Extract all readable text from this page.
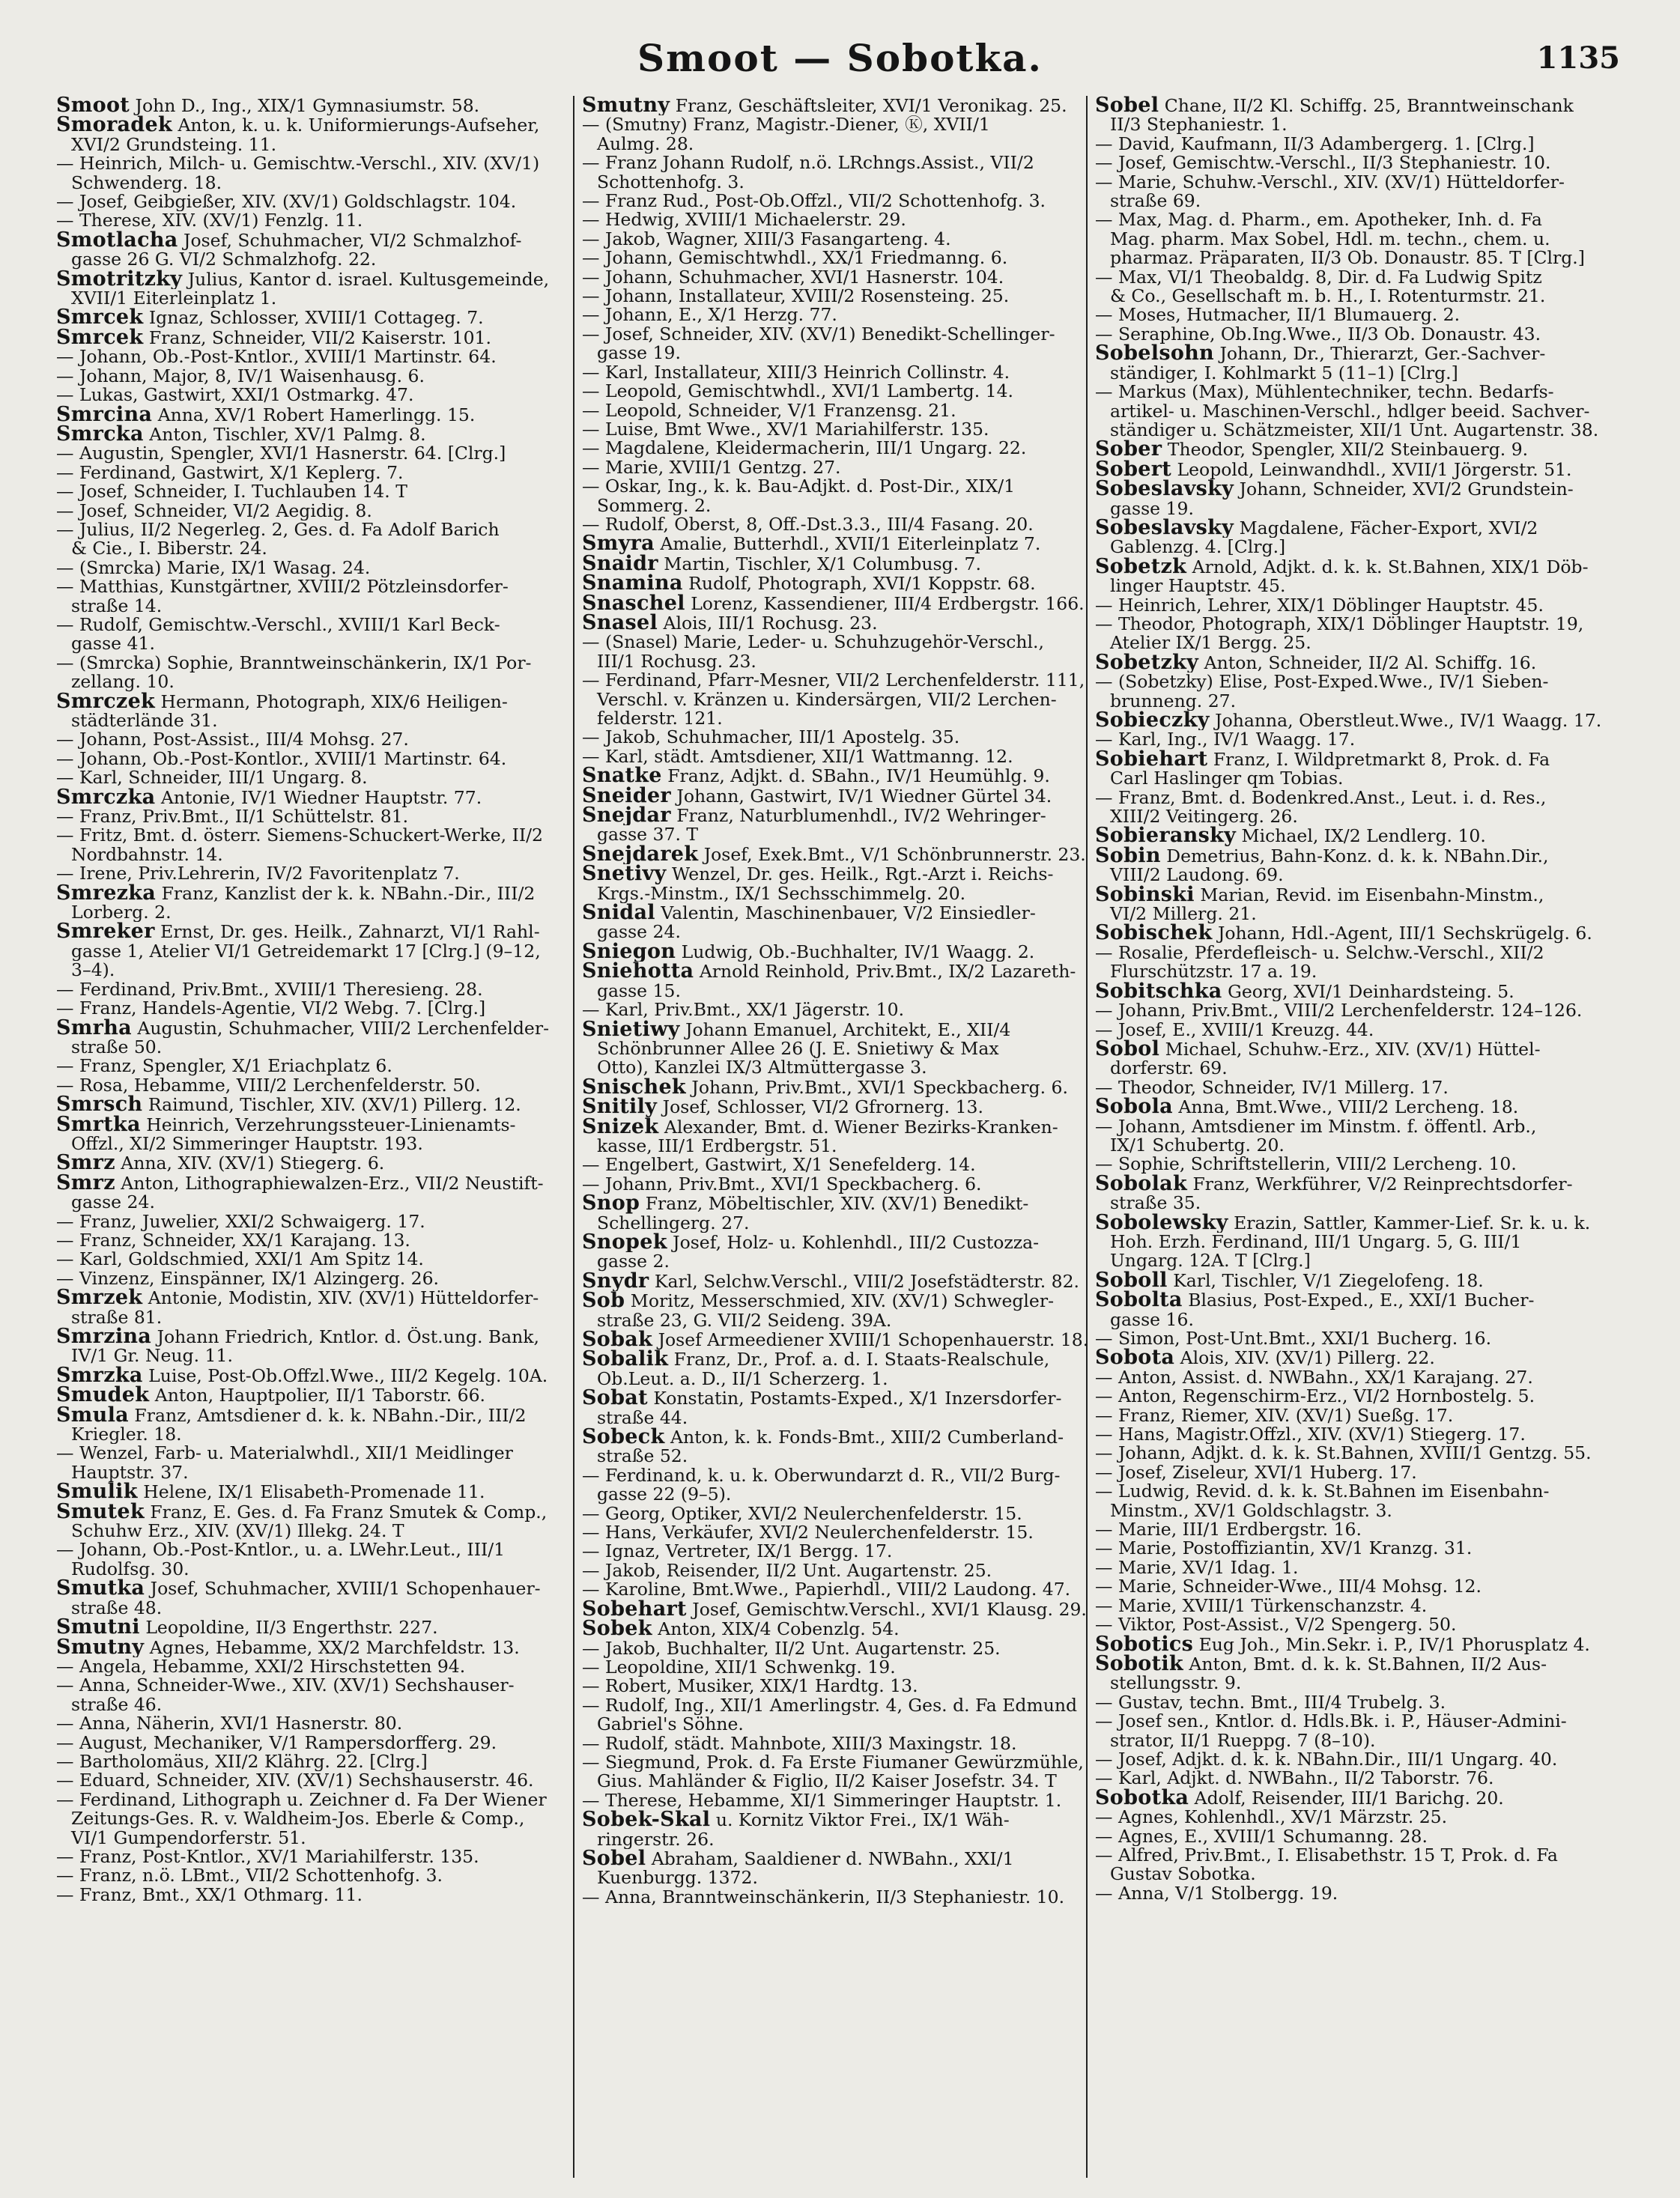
Smoot — Sobotka.	1135
Smoot John D., Ing., XIX/1 Gymnasiumstr. 58.
Smoradek Anton, k. u. k. Uniformierungs-Aufseher,
XVI/2 Grundsteing. 11.
— Heinrich, Milch- u. Gemischtw.-Verschl., XIV. (XV/1)
Schwenderg. 18.
— Josef, Geibgießer, XIV. (XV/1) Goldschlagstr. 104.
— Therese, XIV. (XV/1) Fenzlg. 11.
Smotlacha Josef, Schuhmacher, VI/2 Schmalzhof-
gasse 26 G. VI/2 Schmalzhofg. 22.
Smotritzky Julius, Kantor d. israel. Kultusgemeinde,
XVII/1 Eiterleinplatz 1.
Smrcek Ignaz, Schlosser, XVIII/1 Cottageg. 7.
Smrcek Franz, Schneider, VII/2 Kaiserstr. 101.
— Johann, Ob.-Post-Kntlor., XVIII/1 Martinstr. 64.
— Johann, Major, 8, IV/1 Waisenhausg. 6.
— Lukas, Gastwirt, XXI/1 Ostmarkg. 47.
Smrcina Anna, XV/1 Robert Hamerlingg. 15.
Smrcka Anton, Tischler, XV/1 Palmg. 8.
— Augustin, Spengler, XVI/1 Hasnerstr. 64. [Clrg.]
— Ferdinand, Gastwirt, X/1 Keplerg. 7.
— Josef, Schneider, I. Tuchlauben 14. T
— Josef, Schneider, VI/2 Aegidig. 8.
— Julius, II/2 Negerleg. 2, Ges. d. Fa Adolf Barich
& Cie., I. Biberstr. 24.
— (Smrcka) Marie, IX/1 Wasag. 24.
— Matthias, Kunstgärtner, XVIII/2 Pötzleinsdorfer-
straße 14.
— Rudolf, Gemischtw.-Verschl., XVIII/1 Karl Beck-
gasse 41.
— (Smrcka) Sophie, Branntweinschänkerin, IX/1 Por-
zellang. 10.
Smrczek Hermann, Photograph, XIX/6 Heiligen-
städterlände 31.
— Johann, Post-Assist., III/4 Mohsg. 27.
— Johann, Ob.-Post-Kontlor., XVIII/1 Martinstr. 64.
— Karl, Schneider, III/1 Ungarg. 8.
Smrczka Antonie, IV/1 Wiedner Hauptstr. 77.
— Franz, Priv.Bmt., II/1 Schüttelstr. 81.
— Fritz, Bmt. d. österr. Siemens-Schuckert-Werke, II/2
Nordbahnstr. 14.
— Irene, Priv.Lehrerin, IV/2 Favoritenplatz 7.
Smrezka Franz, Kanzlist der k. k. NBahn.-Dir., III/2
Lorberg. 2.
Smreker Ernst, Dr. ges. Heilk., Zahnarzt, VI/1 Rahl-
gasse 1, Atelier VI/1 Getreidemarkt 17 [Clrg.] (9–12,
3–4).
— Ferdinand, Priv.Bmt., XVIII/1 Theresieng. 28.
— Franz, Handels-Agentie, VI/2 Webg. 7. [Clrg.]
Smrha Augustin, Schuhmacher, VIII/2 Lerchenfelder-
straße 50.
— Franz, Spengler, X/1 Eriachplatz 6.
— Rosa, Hebamme, VIII/2 Lerchenfelderstr. 50.
Smrsch Raimund, Tischler, XIV. (XV/1) Pillerg. 12.
Smrtka Heinrich, Verzehrungssteuer-Linienamts-
Offzl., XI/2 Simmeringer Hauptstr. 193.
Smrz Anna, XIV. (XV/1) Stiegerg. 6.
Smrz Anton, Lithographiewalzen-Erz., VII/2 Neustift-
gasse 24.
— Franz, Juwelier, XXI/2 Schwaigerg. 17.
— Franz, Schneider, XX/1 Karajang. 13.
— Karl, Goldschmied, XXI/1 Am Spitz 14.
— Vinzenz, Einspänner, IX/1 Alzingerg. 26.
Smrzek Antonie, Modistin, XIV. (XV/1) Hütteldorfer-
straße 81.
Smrzina Johann Friedrich, Kntlor. d. Öst.ung. Bank,
IV/1 Gr. Neug. 11.
Smrzka Luise, Post-Ob.Offzl.Wwe., III/2 Kegelg. 10A.
Smudek Anton, Hauptpolier, II/1 Taborstr. 66.
Smula Franz, Amtsdiener d. k. k. NBahn.-Dir., III/2
Kriegler. 18.
— Wenzel, Farb- u. Materialwhdl., XII/1 Meidlinger
Hauptstr. 37.
Smulik Helene, IX/1 Elisabeth-Promenade 11.
Smutek Franz, E. Ges. d. Fa Franz Smutek & Comp.,
Schuhw Erz., XIV. (XV/1) Illekg. 24. T
— Johann, Ob.-Post-Kntlor., u. a. LWehr.Leut., III/1
Rudolfsg. 30.
Smutka Josef, Schuhmacher, XVIII/1 Schopenhauer-
straße 48.
Smutni Leopoldine, II/3 Engerthstr. 227.
Smutny Agnes, Hebamme, XX/2 Marchfeldstr. 13.
— Angela, Hebamme, XXI/2 Hirschstetten 94.
— Anna, Schneider-Wwe., XIV. (XV/1) Sechshauser-
straße 46.
— Anna, Näherin, XVI/1 Hasnerstr. 80.
— August, Mechaniker, V/1 Rampersdorfferg. 29.
— Bartholomäus, XII/2 Klährg. 22. [Clrg.]
— Eduard, Schneider, XIV. (XV/1) Sechshauserstr. 46.
— Ferdinand, Lithograph u. Zeichner d. Fa Der Wiener
Zeitungs-Ges. R. v. Waldheim-Jos. Eberle & Comp.,
VI/1 Gumpendorferstr. 51.
— Franz, Post-Kntlor., XV/1 Mariahilferstr. 135.
— Franz, n.ö. LBmt., VII/2 Schottenhofg. 3.
— Franz, Bmt., XX/1 Othmarg. 11.
Smutny Franz, Geschäftsleiter, XVI/1 Veronikag. 25.
— (Smutny) Franz, Magistr.-Diener, Ⓚ, XVII/1
Aulmg. 28.
— Franz Johann Rudolf, n.ö. LRchngs.Assist., VII/2
Schottenhofg. 3.
— Franz Rud., Post-Ob.Offzl., VII/2 Schottenhofg. 3.
— Hedwig, XVIII/1 Michaelerstr. 29.
— Jakob, Wagner, XIII/3 Fasangarteng. 4.
— Johann, Gemischtwhdl., XX/1 Friedmanng. 6.
— Johann, Schuhmacher, XVI/1 Hasnerstr. 104.
— Johann, Installateur, XVIII/2 Rosensteing. 25.
— Johann, E., X/1 Herzg. 77.
— Josef, Schneider, XIV. (XV/1) Benedikt-Schellinger-
gasse 19.
— Karl, Installateur, XIII/3 Heinrich Collinstr. 4.
— Leopold, Gemischtwhdl., XVI/1 Lambertg. 14.
— Leopold, Schneider, V/1 Franzensg. 21.
— Luise, Bmt Wwe., XV/1 Mariahilferstr. 135.
— Magdalene, Kleidermacherin, III/1 Ungarg. 22.
— Marie, XVIII/1 Gentzg. 27.
— Oskar, Ing., k. k. Bau-Adjkt. d. Post-Dir., XIX/1
Sommerg. 2.
— Rudolf, Oberst, 8, Off.-Dst.3.3., III/4 Fasang. 20.
Smyra Amalie, Butterhdl., XVII/1 Eiterleinplatz 7.
Snaidr Martin, Tischler, X/1 Columbusg. 7.
Snamina Rudolf, Photograph, XVI/1 Koppstr. 68.
Snaschel Lorenz, Kassendiener, III/4 Erdbergstr. 166.
Snasel Alois, III/1 Rochusg. 23.
— (Snasel) Marie, Leder- u. Schuhzugehör-Verschl.,
III/1 Rochusg. 23.
— Ferdinand, Pfarr-Mesner, VII/2 Lerchenfelderstr. 111,
Verschl. v. Kränzen u. Kindersärgen, VII/2 Lerchen-
felderstr. 121.
— Jakob, Schuhmacher, III/1 Apostelg. 35.
— Karl, städt. Amtsdiener, XII/1 Wattmanng. 12.
Snatke Franz, Adjkt. d. SBahn., IV/1 Heumühlg. 9.
Sneider Johann, Gastwirt, IV/1 Wiedner Gürtel 34.
Snejdar Franz, Naturblumenhdl., IV/2 Wehringer-
gasse 37. T
Snejdarek Josef, Exek.Bmt., V/1 Schönbrunnerstr. 23.
Snetivy Wenzel, Dr. ges. Heilk., Rgt.-Arzt i. Reichs-
Krgs.-Minstm., IX/1 Sechsschimmelg. 20.
Snidal Valentin, Maschinenbauer, V/2 Einsiedler-
gasse 24.
Sniegon Ludwig, Ob.-Buchhalter, IV/1 Waagg. 2.
Sniehotta Arnold Reinhold, Priv.Bmt., IX/2 Lazareth-
gasse 15.
— Karl, Priv.Bmt., XX/1 Jägerstr. 10.
Snietiwy Johann Emanuel, Architekt, E., XII/4
Schönbrunner Allee 26 (J. E. Snietiwy & Max
Otto), Kanzlei IX/3 Altmüttergasse 3.
Snischek Johann, Priv.Bmt., XVI/1 Speckbacherg. 6.
Snitily Josef, Schlosser, VI/2 Gfrornerg. 13.
Snizek Alexander, Bmt. d. Wiener Bezirks-Kranken-
kasse, III/1 Erdbergstr. 51.
— Engelbert, Gastwirt, X/1 Senefelderg. 14.
— Johann, Priv.Bmt., XVI/1 Speckbacherg. 6.
Snop Franz, Möbeltischler, XIV. (XV/1) Benedikt-
Schellingerg. 27.
Snopek Josef, Holz- u. Kohlenhdl., III/2 Custozza-
gasse 2.
Snydr Karl, Selchw.Verschl., VIII/2 Josefstädterstr. 82.
Sob Moritz, Messerschmied, XIV. (XV/1) Schwegler-
straße 23, G. VII/2 Seideng. 39A.
Sobak Josef Armeediener XVIII/1 Schopenhauerstr. 18.
Sobalik Franz, Dr., Prof. a. d. I. Staats-Realschule,
Ob.Leut. a. D., II/1 Scherzerg. 1.
Sobat Konstatin, Postamts-Exped., X/1 Inzersdorfer-
straße 44.
Sobeck Anton, k. k. Fonds-Bmt., XIII/2 Cumberland-
straße 52.
— Ferdinand, k. u. k. Oberwundarzt d. R., VII/2 Burg-
gasse 22 (9–5).
— Georg, Optiker, XVI/2 Neulerchenfelderstr. 15.
— Hans, Verkäufer, XVI/2 Neulerchenfelderstr. 15.
— Ignaz, Vertreter, IX/1 Bergg. 17.
— Jakob, Reisender, II/2 Unt. Augartenstr. 25.
— Karoline, Bmt.Wwe., Papierhdl., VIII/2 Laudong. 47.
Sobehart Josef, Gemischtw.Verschl., XVI/1 Klausg. 29.
Sobek Anton, XIX/4 Cobenzlg. 54.
— Jakob, Buchhalter, II/2 Unt. Augartenstr. 25.
— Leopoldine, XII/1 Schwenkg. 19.
— Robert, Musiker, XIX/1 Hardtg. 13.
— Rudolf, Ing., XII/1 Amerlingstr. 4, Ges. d. Fa Edmund
Gabriel's Söhne.
— Rudolf, städt. Mahnbote, XIII/3 Maxingstr. 18.
— Siegmund, Prok. d. Fa Erste Fiumaner Gewürzmühle,
Gius. Mahländer & Figlio, II/2 Kaiser Josefstr. 34. T
— Therese, Hebamme, XI/1 Simmeringer Hauptstr. 1.
Sobek-Skal u. Kornitz Viktor Frei., IX/1 Wäh-
ringerstr. 26.
Sobel Abraham, Saaldiener d. NWBahn., XXI/1
Kuenburgg. 1372.
— Anna, Branntweinschänkerin, II/3 Stephaniestr. 10.
Sobel Chane, II/2 Kl. Schiffg. 25, Branntweinschank
II/3 Stephaniestr. 1.
— David, Kaufmann, II/3 Adambergerg. 1. [Clrg.]
— Josef, Gemischtw.-Verschl., II/3 Stephaniestr. 10.
— Marie, Schuhw.-Verschl., XIV. (XV/1) Hütteldorfer-
straße 69.
— Max, Mag. d. Pharm., em. Apotheker, Inh. d. Fa
Mag. pharm. Max Sobel, Hdl. m. techn., chem. u.
pharmaz. Präparaten, II/3 Ob. Donaustr. 85. T [Clrg.]
— Max, VI/1 Theobaldg. 8, Dir. d. Fa Ludwig Spitz
& Co., Gesellschaft m. b. H., I. Rotenturmstr. 21.
— Moses, Hutmacher, II/1 Blumauerg. 2.
— Seraphine, Ob.Ing.Wwe., II/3 Ob. Donaustr. 43.
Sobelsohn Johann, Dr., Thierarzt, Ger.-Sachver-
ständiger, I. Kohlmarkt 5 (11–1) [Clrg.]
— Markus (Max), Mühlentechniker, techn. Bedarfs-
artikel- u. Maschinen-Verschl., hdlger beeid. Sachver-
ständiger u. Schätzmeister, XII/1 Unt. Augartenstr. 38.
Sober Theodor, Spengler, XII/2 Steinbauerg. 9.
Sobert Leopold, Leinwandhdl., XVII/1 Jörgerstr. 51.
Sobeslavsky Johann, Schneider, XVI/2 Grundstein-
gasse 19.
Sobeslavsky Magdalene, Fächer-Export, XVI/2
Gablenzg. 4. [Clrg.]
Sobetzk Arnold, Adjkt. d. k. k. St.Bahnen, XIX/1 Döb-
linger Hauptstr. 45.
— Heinrich, Lehrer, XIX/1 Döblinger Hauptstr. 45.
— Theodor, Photograph, XIX/1 Döblinger Hauptstr. 19,
Atelier IX/1 Bergg. 25.
Sobetzky Anton, Schneider, II/2 Al. Schiffg. 16.
— (Sobetzky) Elise, Post-Exped.Wwe., IV/1 Sieben-
brunneng. 27.
Sobieczky Johanna, Oberstleut.Wwe., IV/1 Waagg. 17.
— Karl, Ing., IV/1 Waagg. 17.
Sobiehart Franz, I. Wildpretmarkt 8, Prok. d. Fa
Carl Haslinger qm Tobias.
— Franz, Bmt. d. Bodenkred.Anst., Leut. i. d. Res.,
XIII/2 Veitingerg. 26.
Sobieransky Michael, IX/2 Lendlerg. 10.
Sobin Demetrius, Bahn-Konz. d. k. k. NBahn.Dir.,
VIII/2 Laudong. 69.
Sobinski Marian, Revid. im Eisenbahn-Minstm.,
VI/2 Millerg. 21.
Sobischek Johann, Hdl.-Agent, III/1 Sechskrügelg. 6.
— Rosalie, Pferdefleisch- u. Selchw.-Verschl., XII/2
Flurschützstr. 17 a. 19.
Sobitschka Georg, XVI/1 Deinhardsteing. 5.
— Johann, Priv.Bmt., VIII/2 Lerchenfelderstr. 124–126.
— Josef, E., XVIII/1 Kreuzg. 44.
Sobol Michael, Schuhw.-Erz., XIV. (XV/1) Hüttel-
dorferstr. 69.
— Theodor, Schneider, IV/1 Millerg. 17.
Sobola Anna, Bmt.Wwe., VIII/2 Lercheng. 18.
— Johann, Amtsdiener im Minstm. f. öffentl. Arb.,
IX/1 Schubertg. 20.
— Sophie, Schriftstellerin, VIII/2 Lercheng. 10.
Sobolak Franz, Werkführer, V/2 Reinprechtsdorfer-
straße 35.
Sobolewsky Erazin, Sattler, Kammer-Lief. Sr. k. u. k.
Hoh. Erzh. Ferdinand, III/1 Ungarg. 5, G. III/1
Ungarg. 12A. T [Clrg.]
Soboll Karl, Tischler, V/1 Ziegelofeng. 18.
Sobolta Blasius, Post-Exped., E., XXI/1 Bucher-
gasse 16.
— Simon, Post-Unt.Bmt., XXI/1 Bucherg. 16.
Sobota Alois, XIV. (XV/1) Pillerg. 22.
— Anton, Assist. d. NWBahn., XX/1 Karajang. 27.
— Anton, Regenschirm-Erz., VI/2 Hornbostelg. 5.
— Franz, Riemer, XIV. (XV/1) Sueßg. 17.
— Hans, Magistr.Offzl., XIV. (XV/1) Stiegerg. 17.
— Johann, Adjkt. d. k. k. St.Bahnen, XVIII/1 Gentzg. 55.
— Josef, Ziseleur, XVI/1 Huberg. 17.
— Ludwig, Revid. d. k. k. St.Bahnen im Eisenbahn-
Minstm., XV/1 Goldschlagstr. 3.
— Marie, III/1 Erdbergstr. 16.
— Marie, Postoffiziantin, XV/1 Kranzg. 31.
— Marie, XV/1 Idag. 1.
— Marie, Schneider-Wwe., III/4 Mohsg. 12.
— Marie, XVIII/1 Türkenschanzstr. 4.
— Viktor, Post-Assist., V/2 Spengerg. 50.
Sobotics Eug Joh., Min.Sekr. i. P., IV/1 Phorusplatz 4.
Sobotik Anton, Bmt. d. k. k. St.Bahnen, II/2 Aus-
stellungsstr. 9.
— Gustav, techn. Bmt., III/4 Trubelg. 3.
— Josef sen., Kntlor. d. Hdls.Bk. i. P., Häuser-Admini-
strator, II/1 Rueppg. 7 (8–10).
— Josef, Adjkt. d. k. k. NBahn.Dir., III/1 Ungarg. 40.
— Karl, Adjkt. d. NWBahn., II/2 Taborstr. 76.
Sobotka Adolf, Reisender, III/1 Barichg. 20.
— Agnes, Kohlenhdl., XV/1 Märzstr. 25.
— Agnes, E., XVIII/1 Schumanng. 28.
— Alfred, Priv.Bmt., I. Elisabethstr. 15 T, Prok. d. Fa
Gustav Sobotka.
— Anna, V/1 Stolbergg. 19.
